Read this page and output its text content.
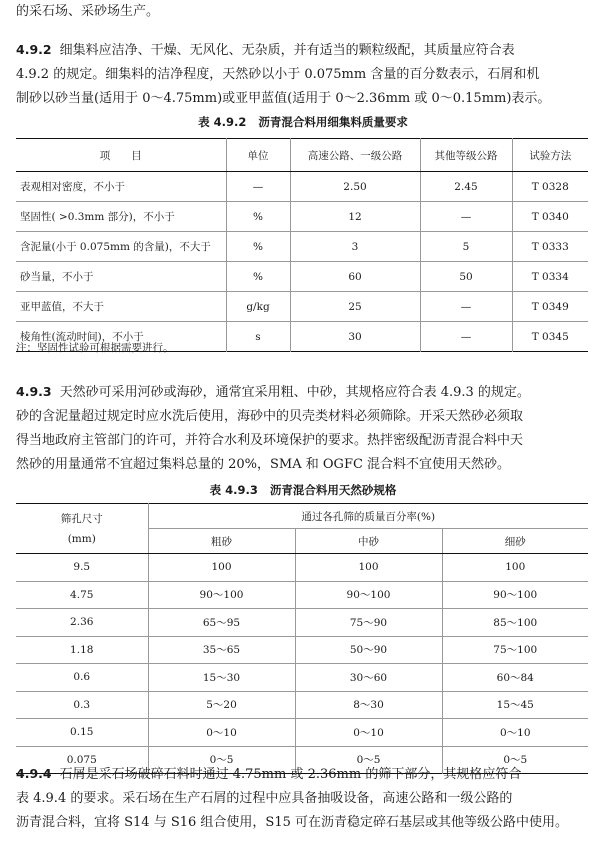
的采石场、采砂场生产。

4.9.2 细集料应洁净、干燥、无风化、无杂质，并有适当的颗粒级配，其质量应符合表

4.9.2 的规定。细集料的洁净程度，天然砂以小于 0.075mm 含量的百分数表示，石屑和机

制砂以砂当量(适用于 0～4.75mm)或亚甲蓝值(适用于 0～2.36mm 或 0～0.15mm)表示。

表 4.9.2 沥青混合料用细集料质量要求
项　　目	单位	高速公路、一级公路	其他等级公路	试验方法
表观相对密度，不小于	—	2.50	2.45	T 0328
坚固性( >0.3mm 部分)，不小于	%	12	—	T 0340
含泥量(小于 0.075mm 的含量)，不大于	%	3	5	T 0333
砂当量，不小于	%	60	50	T 0334
亚甲蓝值，不大于	g/kg	25	—	T 0349
棱角性(流动时间)，不小于	s	30	—	T 0345
注：坚固性试验可根据需要进行。

4.9.3 天然砂可采用河砂或海砂，通常宜采用粗、中砂，其规格应符合表 4.9.3 的规定。

砂的含泥量超过规定时应水洗后使用，海砂中的贝壳类材料必须筛除。开采天然砂必须取

得当地政府主管部门的许可，并符合水利及环境保护的要求。热拌密级配沥青混合料中天

然砂的用量通常不宜超过集料总量的 20%，SMA 和 OGFC 混合料不宜使用天然砂。

表 4.9.3 沥青混合料用天然砂规格
筛孔尺寸
(mm)	通过各孔筛的质量百分率(%)		
	粗砂	中砂	细砂
9.5	100	100	100
4.75	90～100	90～100	90～100
2.36	65～95	75～90	85～100
1.18	35～65	50～90	75～100
0.6	15～30	30～60	60～84
0.3	5～20	8～30	15～45
0.15	0～10	0～10	0～10
0.075	0～5	0～5	0～5

4.9.4 石屑是采石场破碎石料时通过 4.75mm 或 2.36mm 的筛下部分，其规格应符合

表 4.9.4 的要求。采石场在生产石屑的过程中应具备抽吸设备，高速公路和一级公路的

沥青混合料，宜将 S14 与 S16 组合使用，S15 可在沥青稳定碎石基层或其他等级公路中使用。
